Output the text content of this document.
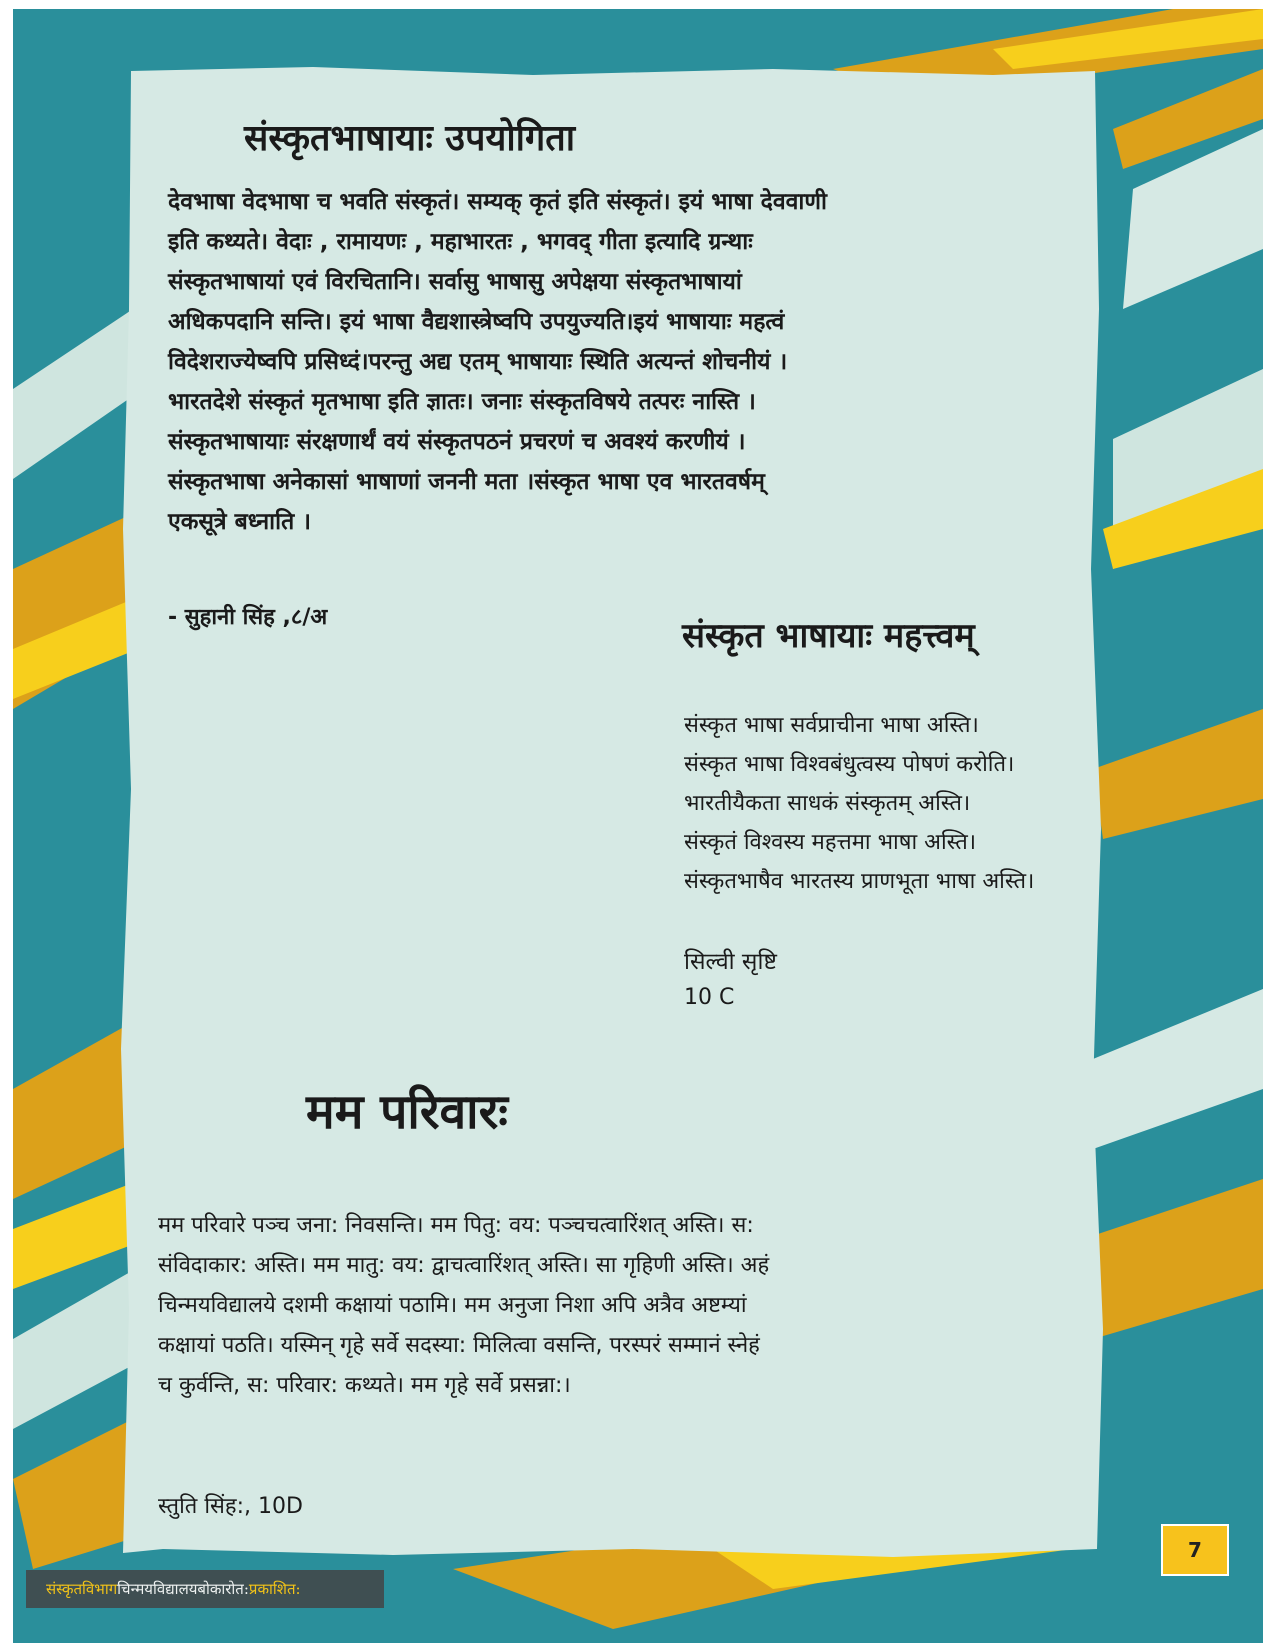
संस्कृतभाषायाः उपयोगिता

देवभाषा वेदभाषा च भवति संस्कृतं। सम्यक् कृतं इति संस्कृतं। इयं भाषा देववाणी इति कथ्यते। वेदाः , रामायणः , महाभारतः , भगवद् गीता इत्यादि ग्रन्थाः संस्कृतभाषायां एवं विरचितानि। सर्वासु भाषासु अपेक्षया संस्कृतभाषायां अधिकपदानि सन्ति। इयं भाषा वैद्यशास्त्रेष्वपि उपयुज्यति।इयं भाषायाः महत्वं विदेशराज्येष्वपि प्रसिध्दं।परन्तु अद्य एतम् भाषायाः स्थिति अत्यन्तं शोचनीयं ।भारतदेशे संस्कृतं मृतभाषा इति ज्ञातः। जनाः संस्कृतविषये तत्परः नास्ति ।संस्कृतभाषायाः संरक्षणार्थं वयं संस्कृतपठनं प्रचरणं च अवश्यं करणीयं ।संस्कृतभाषा अनेकासां भाषाणां जननी मता ।संस्कृत भाषा एव भारतवर्षम् एकसूत्रे बध्नाति ।

- सुहानी सिंह ,८/अ	संस्कृत भाषायाः महत्त्वम्
संस्कृत भाषा सर्वप्राचीना भाषा अस्ति।
संस्कृत भाषा विश्वबंधुत्वस्य पोषणं करोति।
भारतीयैकता साधकं संस्कृतम् अस्ति।
संस्कृतं विश्वस्य महत्तमा भाषा अस्ति।
संस्कृतभाषैव भारतस्य प्राणभूता भाषा अस्ति।

सिल्वी सृष्टि

10 C

मम परिवारः

मम परिवारे पञ्च जना: निवसन्ति। मम पितु: वय: पञ्चचत्वारिंशत् अस्ति। स: संविदाकार: अस्ति। मम मातु: वय: द्वाचत्वारिंशत् अस्ति। सा गृहिणी अस्ति। अहं चिन्मयविद्यालये दशमी कक्षायां पठामि। मम अनुजा निशा अपि अत्रैव अष्टम्यां कक्षायां पठति। यस्मिन् गृहे सर्वे सदस्या: मिलित्वा वसन्ति, परस्परं सम्मानं स्नेहं च कुर्वन्ति, स: परिवार: कथ्यते। मम गृहे सर्वे प्रसन्ना:।

स्तुति सिंह:, 10D

7
संस्कृतविभाग चिन्मयविद्यालयबोकारोत: प्रकाशित:
